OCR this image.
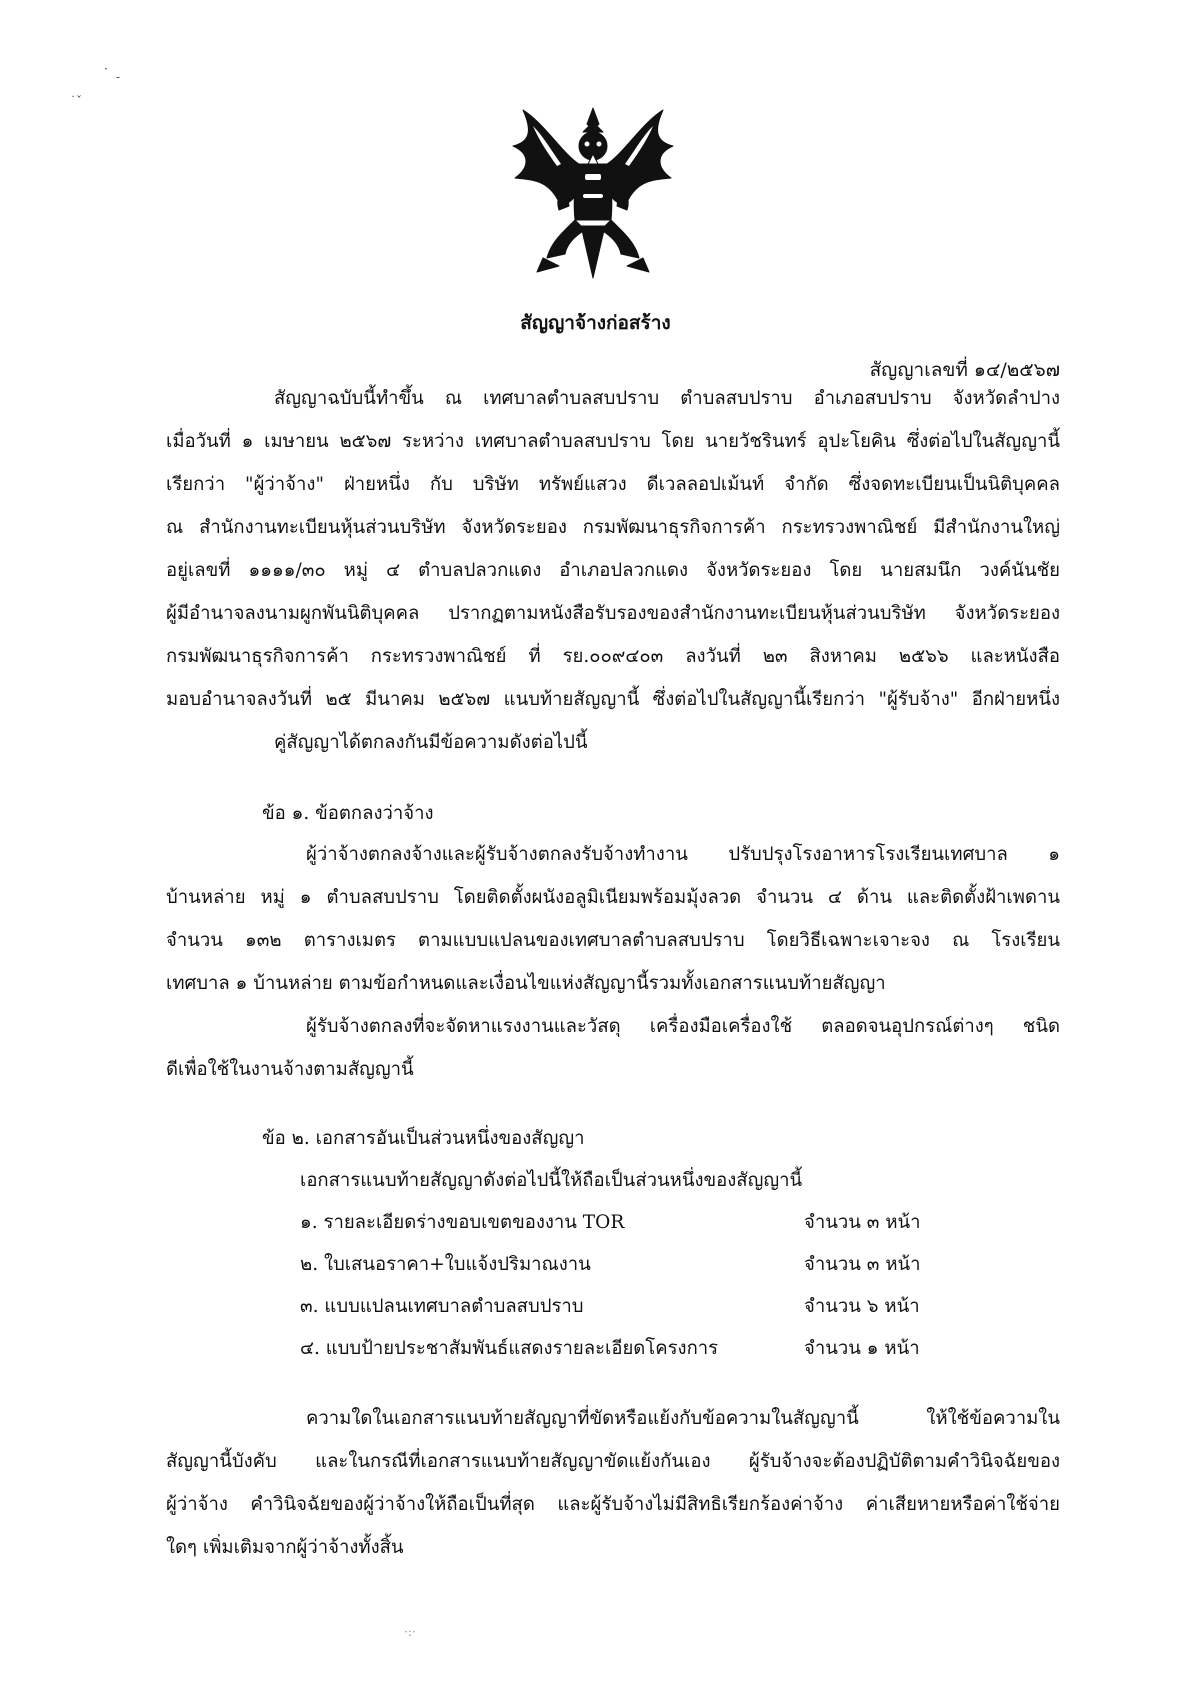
·
-
˙ˇ
สัญญาจ้างก่อสร้าง
สัญญาเลขที่ ๑๔/๒๕๖๗
สัญญาฉบับนี้ทำขึ้น ณ เทศบาลตำบลสบปราบ ตำบลสบปราบ อำเภอสบปราบ จังหวัดลำปาง
เมื่อวันที่ ๑ เมษายน ๒๕๖๗ ระหว่าง เทศบาลตำบลสบปราบ โดย นายวัชรินทร์ อุปะโยคิน ซึ่งต่อไปในสัญญานี้
เรียกว่า "ผู้ว่าจ้าง" ฝ่ายหนึ่ง กับ บริษัท ทรัพย์แสวง ดีเวลลอปเม้นท์ จำกัด ซึ่งจดทะเบียนเป็นนิติบุคคล
ณ สำนักงานทะเบียนหุ้นส่วนบริษัท จังหวัดระยอง กรมพัฒนาธุรกิจการค้า กระทรวงพาณิชย์ มีสำนักงานใหญ่
อยู่เลขที่ ๑๑๑๑/๓๐ หมู่ ๔ ตำบลปลวกแดง อำเภอปลวกแดง จังหวัดระยอง โดย นายสมนึก วงค์นันชัย
ผู้มีอำนาจลงนามผูกพันนิติบุคคล ปรากฏตามหนังสือรับรองของสำนักงานทะเบียนหุ้นส่วนบริษัท จังหวัดระยอง
กรมพัฒนาธุรกิจการค้า กระทรวงพาณิชย์ ที่ รย.๐๐๙๔๐๓ ลงวันที่ ๒๓ สิงหาคม ๒๕๖๖ และหนังสือ
มอบอำนาจลงวันที่ ๒๕ มีนาคม ๒๕๖๗ แนบท้ายสัญญานี้ ซึ่งต่อไปในสัญญานี้เรียกว่า "ผู้รับจ้าง" อีกฝ่ายหนึ่ง
คู่สัญญาได้ตกลงกันมีข้อความดังต่อไปนี้
ข้อ ๑. ข้อตกลงว่าจ้าง
ผู้ว่าจ้างตกลงจ้างและผู้รับจ้างตกลงรับจ้างทำงาน ปรับปรุงโรงอาหารโรงเรียนเทศบาล ๑
บ้านหล่าย หมู่ ๑ ตำบลสบปราบ โดยติดตั้งผนังอลูมิเนียมพร้อมมุ้งลวด จำนวน ๔ ด้าน และติดตั้งฝ้าเพดาน
จำนวน ๑๓๒ ตารางเมตร ตามแบบแปลนของเทศบาลตำบลสบปราบ โดยวิธีเฉพาะเจาะจง ณ โรงเรียน
เทศบาล ๑ บ้านหล่าย ตามข้อกำหนดและเงื่อนไขแห่งสัญญานี้รวมทั้งเอกสารแนบท้ายสัญญา
ผู้รับจ้างตกลงที่จะจัดหาแรงงานและวัสดุ เครื่องมือเครื่องใช้ ตลอดจนอุปกรณ์ต่างๆ ชนิด
ดีเพื่อใช้ในงานจ้างตามสัญญานี้
ข้อ ๒. เอกสารอันเป็นส่วนหนึ่งของสัญญา
เอกสารแนบท้ายสัญญาดังต่อไปนี้ให้ถือเป็นส่วนหนึ่งของสัญญานี้
๑. รายละเอียดร่างขอบเขตของงาน TOR	จำนวน ๓ หน้า
๒. ใบเสนอราคา+ใบแจ้งปริมาณงาน	จำนวน ๓ หน้า
๓. แบบแปลนเทศบาลตำบลสบปราบ	จำนวน ๖ หน้า
๔. แบบป้ายประชาสัมพันธ์แสดงรายละเอียดโครงการ	จำนวน ๑ หน้า
ความใดในเอกสารแนบท้ายสัญญาที่ขัดหรือแย้งกับข้อความในสัญญานี้ ให้ใช้ข้อความใน
สัญญานี้บังคับ และในกรณีที่เอกสารแนบท้ายสัญญาขัดแย้งกันเอง ผู้รับจ้างจะต้องปฏิบัติตามคำวินิจฉัยของ
ผู้ว่าจ้าง คำวินิจฉัยของผู้ว่าจ้างให้ถือเป็นที่สุด และผู้รับจ้างไม่มีสิทธิเรียกร้องค่าจ้าง ค่าเสียหายหรือค่าใช้จ่าย
ใดๆ เพิ่มเติมจากผู้ว่าจ้างทั้งสิ้น
·:·
